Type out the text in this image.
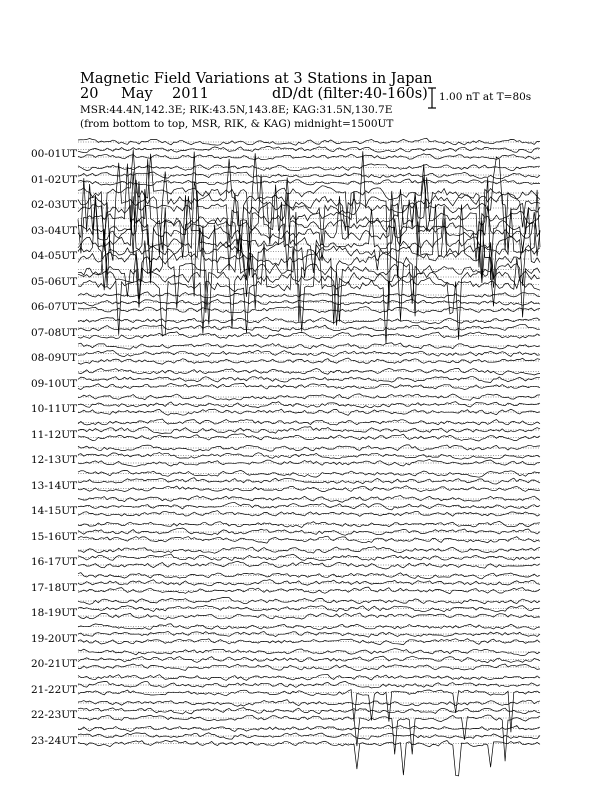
Magnetic Field Variations at 3 Stations in Japan
20 May 2011	dD/dt (filter:40-160s)
MSR:44.4N,142.3E; RIK:43.5N,143.8E; KAG:31.5N,130.7E
(from bottom to top, MSR, RIK, & KAG) midnight=1500UT
1.00 nT at T=80s
00-01UT
01-02UT
02-03UT
03-04UT
04-05UT
05-06UT
06-07UT
07-08UT
08-09UT
09-10UT
10-11UT
11-12UT
12-13UT
13-14UT
14-15UT
15-16UT
16-17UT
17-18UT
18-19UT
19-20UT
20-21UT
21-22UT
22-23UT
23-24UT
